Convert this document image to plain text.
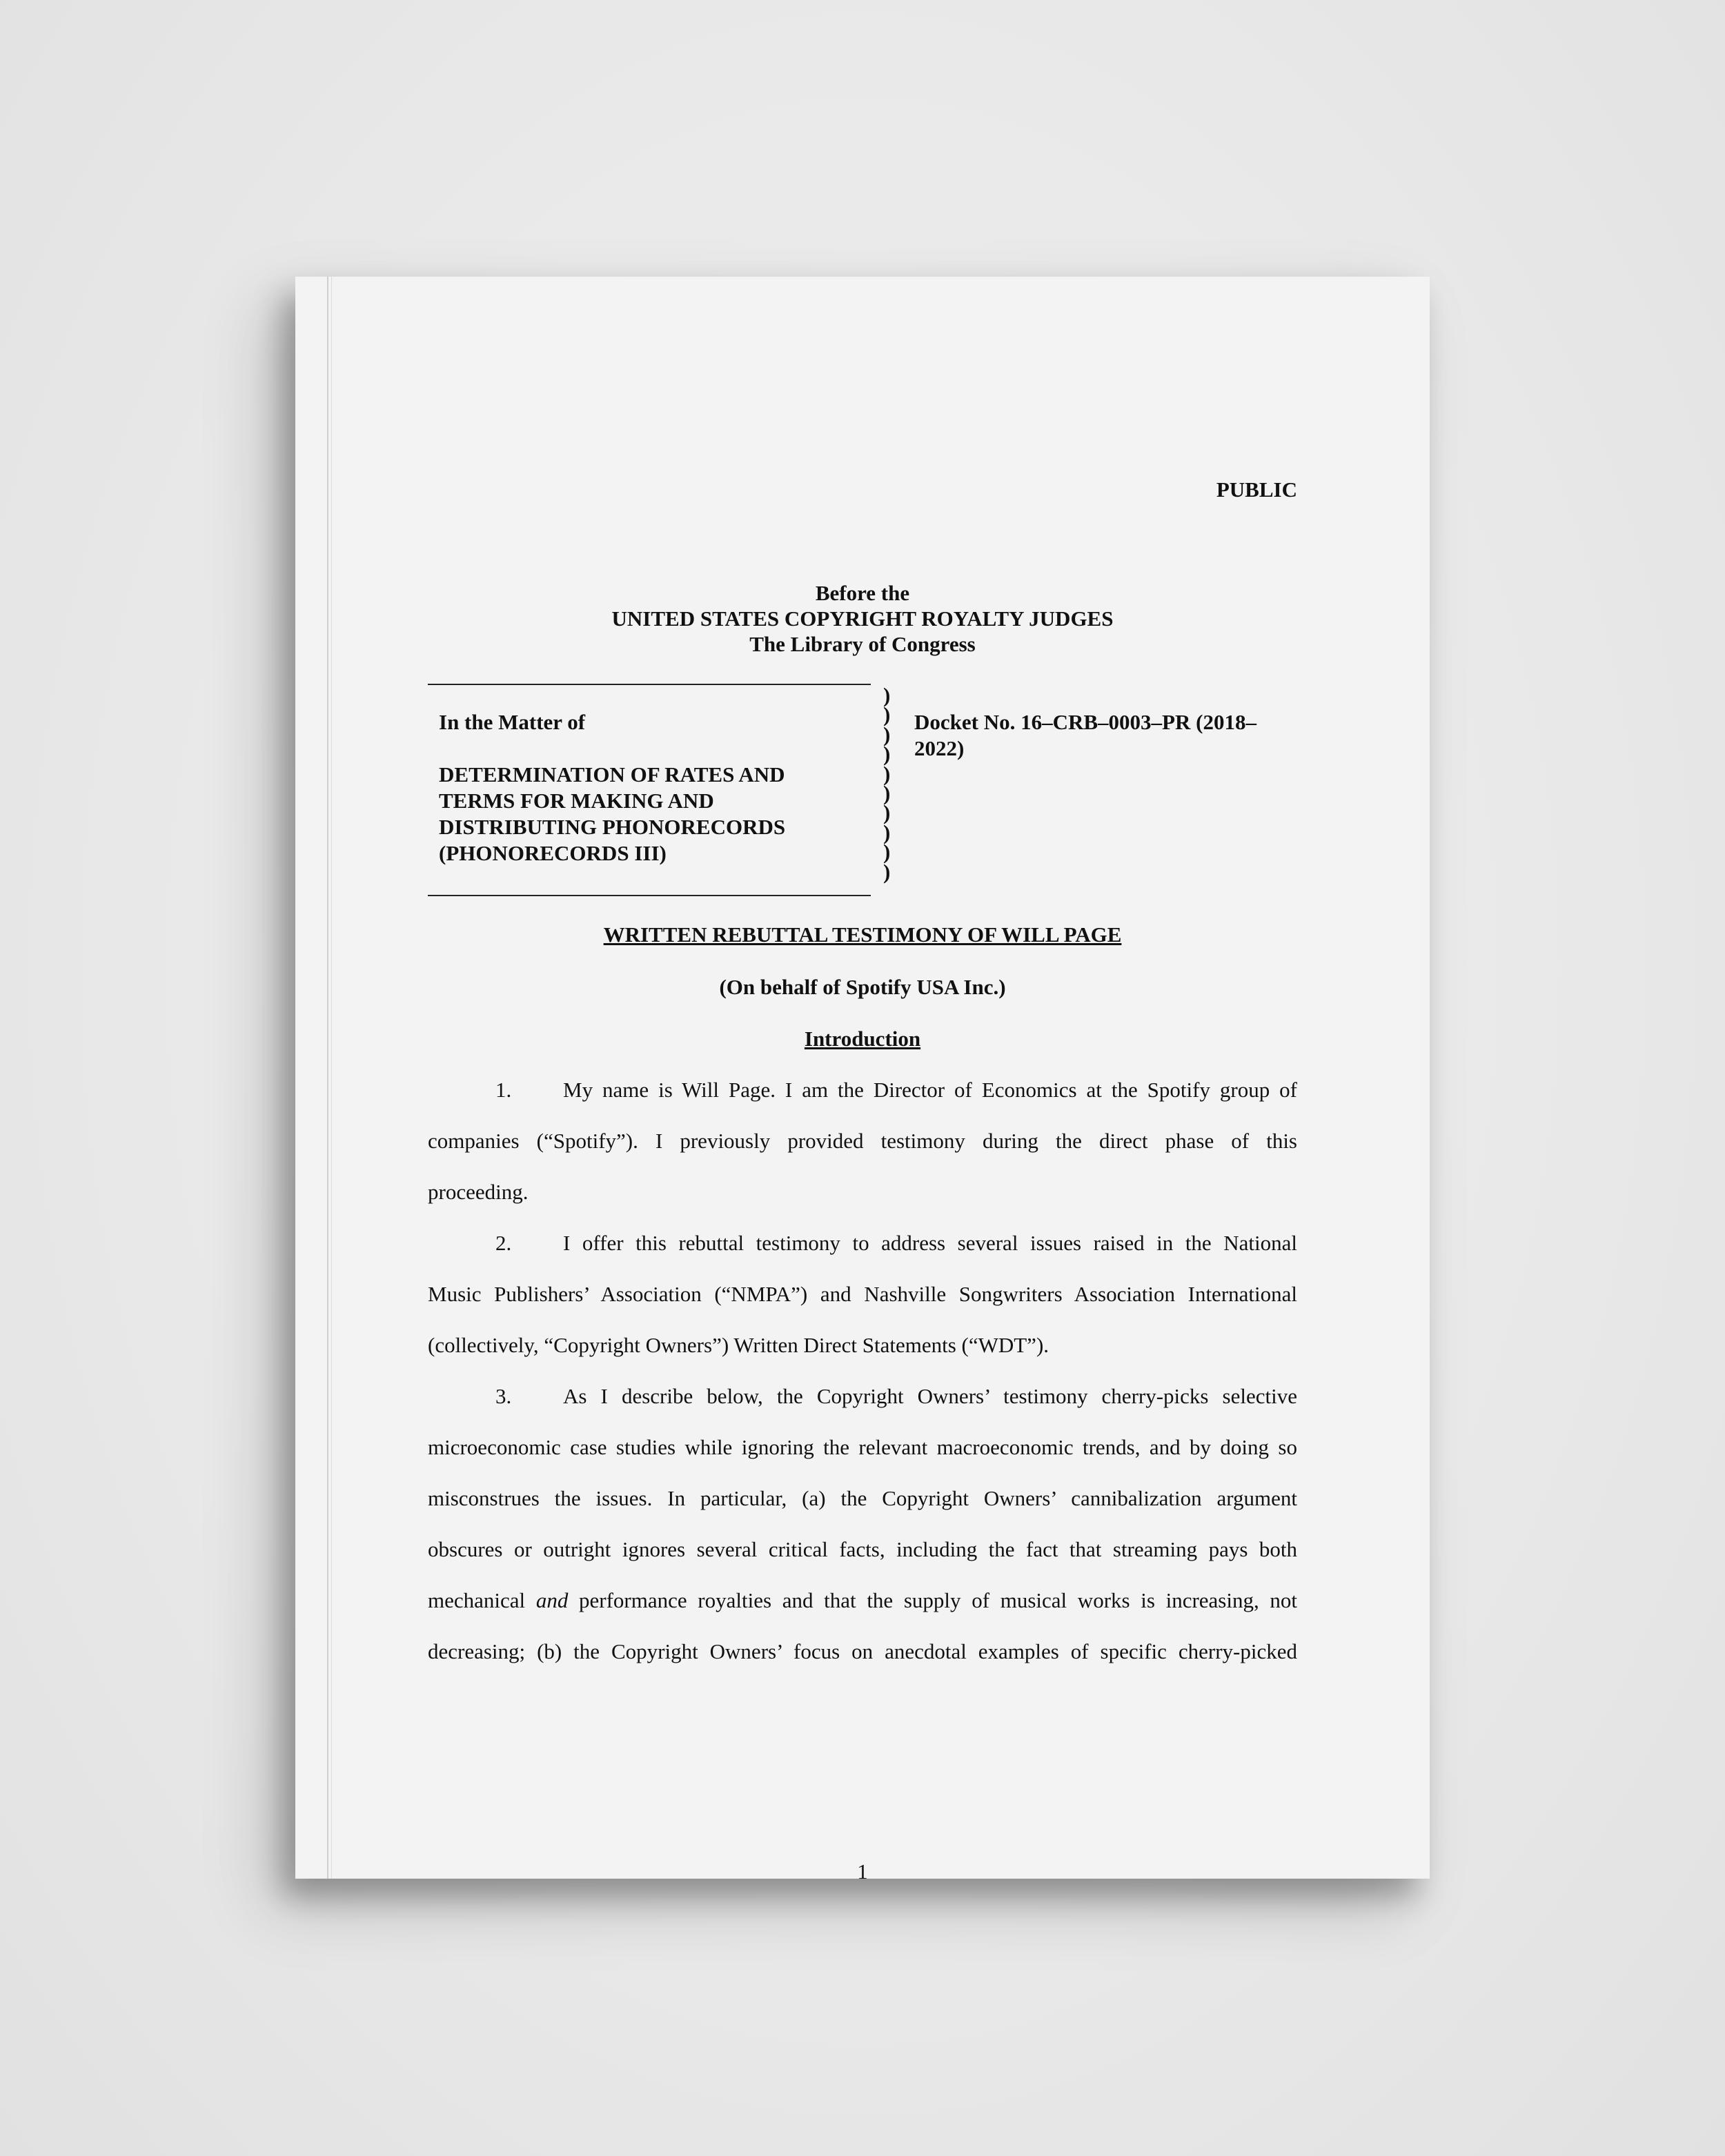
PUBLIC
Before the
UNITED STATES COPYRIGHT ROYALTY JUDGES
The Library of Congress
In the Matter of
DETERMINATION OF RATES AND
TERMS FOR MAKING AND
DISTRIBUTING PHONORECORDS
(PHONORECORDS III)
)
)
)
)
)
)
)
)
)
)
Docket No. 16–CRB–0003–PR (2018–2022)
WRITTEN REBUTTAL TESTIMONY OF WILL PAGE
(On behalf of Spotify USA Inc.)
Introduction
1. My name is Will Page. I am the Director of Economics at the Spotify group of
companies (“Spotify”). I previously provided testimony during the direct phase of this
proceeding.
2. I offer this rebuttal testimony to address several issues raised in the National
Music Publishers’ Association (“NMPA”) and Nashville Songwriters Association International
(collectively, “Copyright Owners”) Written Direct Statements (“WDT”).
3. As I describe below, the Copyright Owners’ testimony cherry-picks selective
microeconomic case studies while ignoring the relevant macroeconomic trends, and by doing so
misconstrues the issues. In particular, (a) the Copyright Owners’ cannibalization argument
obscures or outright ignores several critical facts, including the fact that streaming pays both
mechanical and performance royalties and that the supply of musical works is increasing, not
decreasing; (b) the Copyright Owners’ focus on anecdotal examples of specific cherry-picked
1
